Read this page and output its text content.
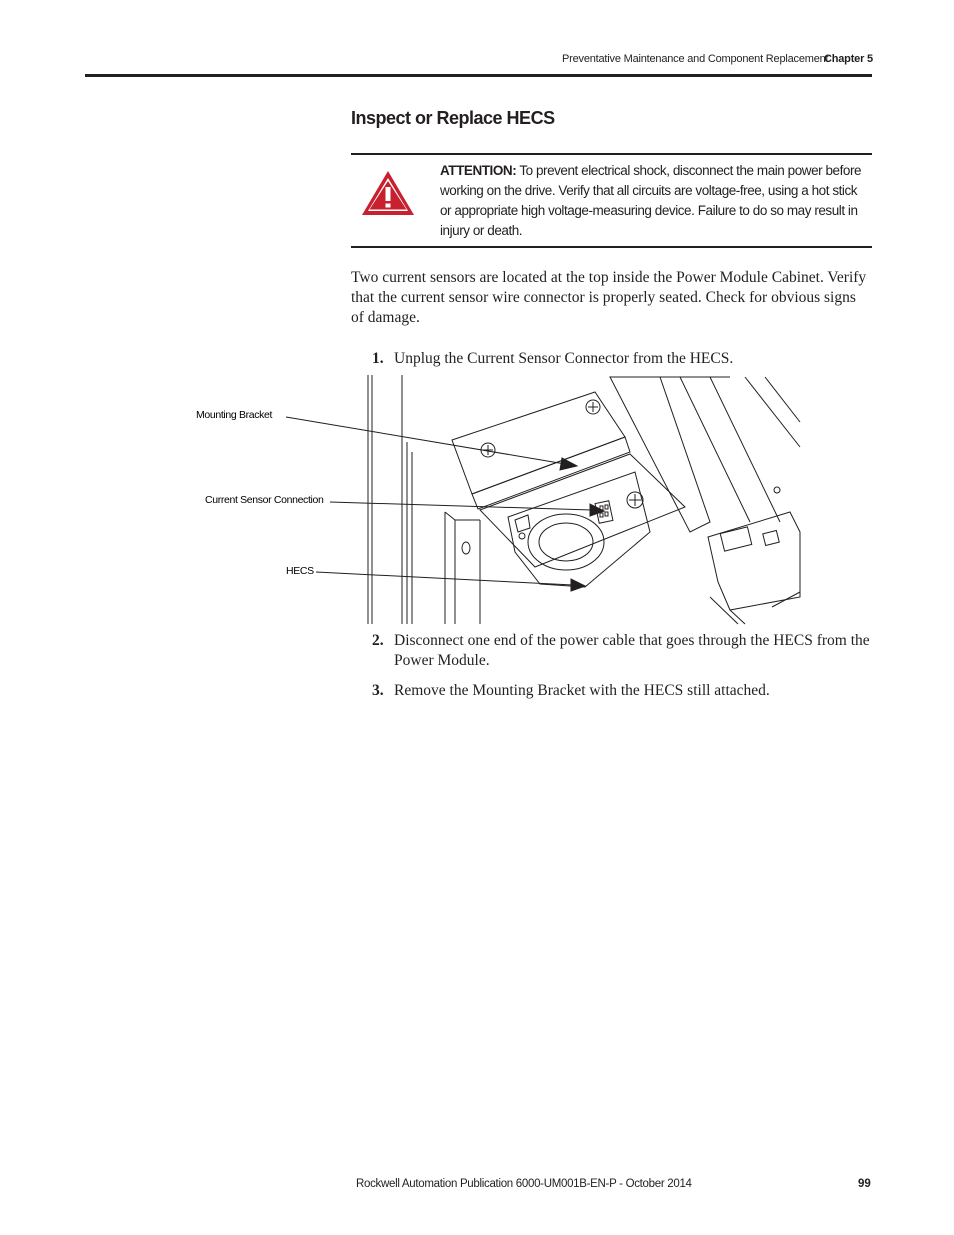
Preventative Maintenance and Component Replacement
Chapter 5
Inspect or Replace HECS
ATTENTION: To prevent electrical shock, disconnect the main power before working on the drive. Verify that all circuits are voltage-free, using a hot stick or appropriate high voltage-measuring device. Failure to do so may result in injury or death.
Two current sensors are located at the top inside the Power Module Cabinet. Verify that the current sensor wire connector is properly seated. Check for obvious signs of damage.
1. Unplug the Current Sensor Connector from the HECS.
Mounting Bracket
Current Sensor Connection
HECS
2. Disconnect one end of the power cable that goes through the HECS from the Power Module.
3. Remove the Mounting Bracket with the HECS still attached.
Rockwell Automation Publication 6000-UM001B-EN-P - October 2014	99
